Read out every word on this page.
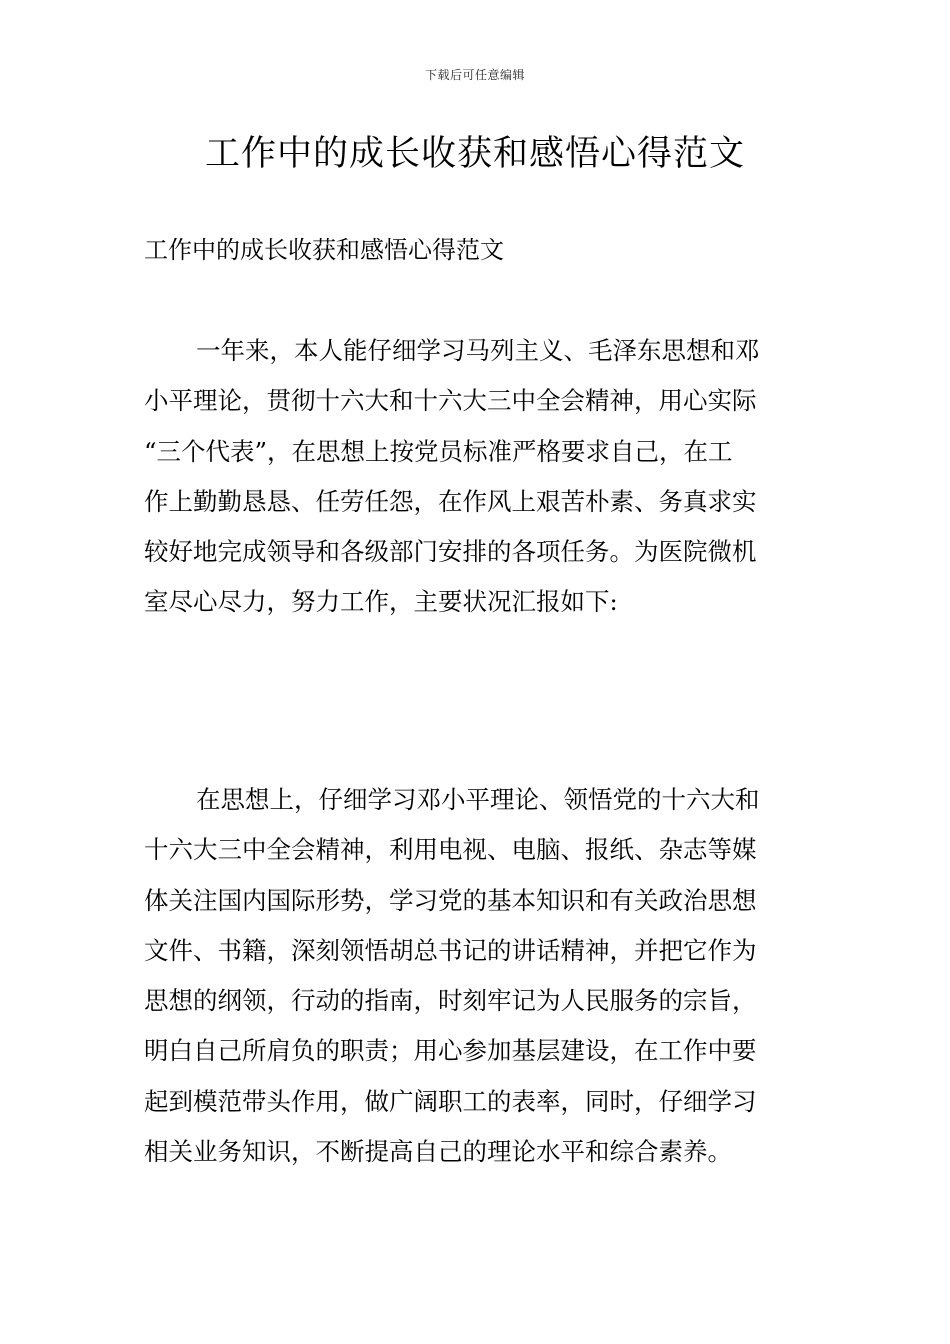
下载后可任意编辑
工作中的成长收获和感悟心得范文

工作中的成长收获和感悟心得范文

一年来，本人能仔细学习马列主义、毛泽东思想和邓
小平理论，贯彻十六大和十六大三中全会精神，用心实际
“三个代表”，在思想上按党员标准严格要求自己，在工
作上勤勤恳恳、任劳任怨，在作风上艰苦朴素、务真求实
较好地完成领导和各级部门安排的各项任务。为医院微机
室尽心尽力，努力工作，主要状况汇报如下:

在思想上，仔细学习邓小平理论、领悟党的十六大和
十六大三中全会精神，利用电视、电脑、报纸、杂志等媒
体关注国内国际形势，学习党的基本知识和有关政治思想
文件、书籍，深刻领悟胡总书记的讲话精神，并把它作为
思想的纲领，行动的指南，时刻牢记为人民服务的宗旨，
明白自己所肩负的职责；用心参加基层建设，在工作中要
起到模范带头作用，做广阔职工的表率，同时，仔细学习
相关业务知识，不断提高自己的理论水平和综合素养。
